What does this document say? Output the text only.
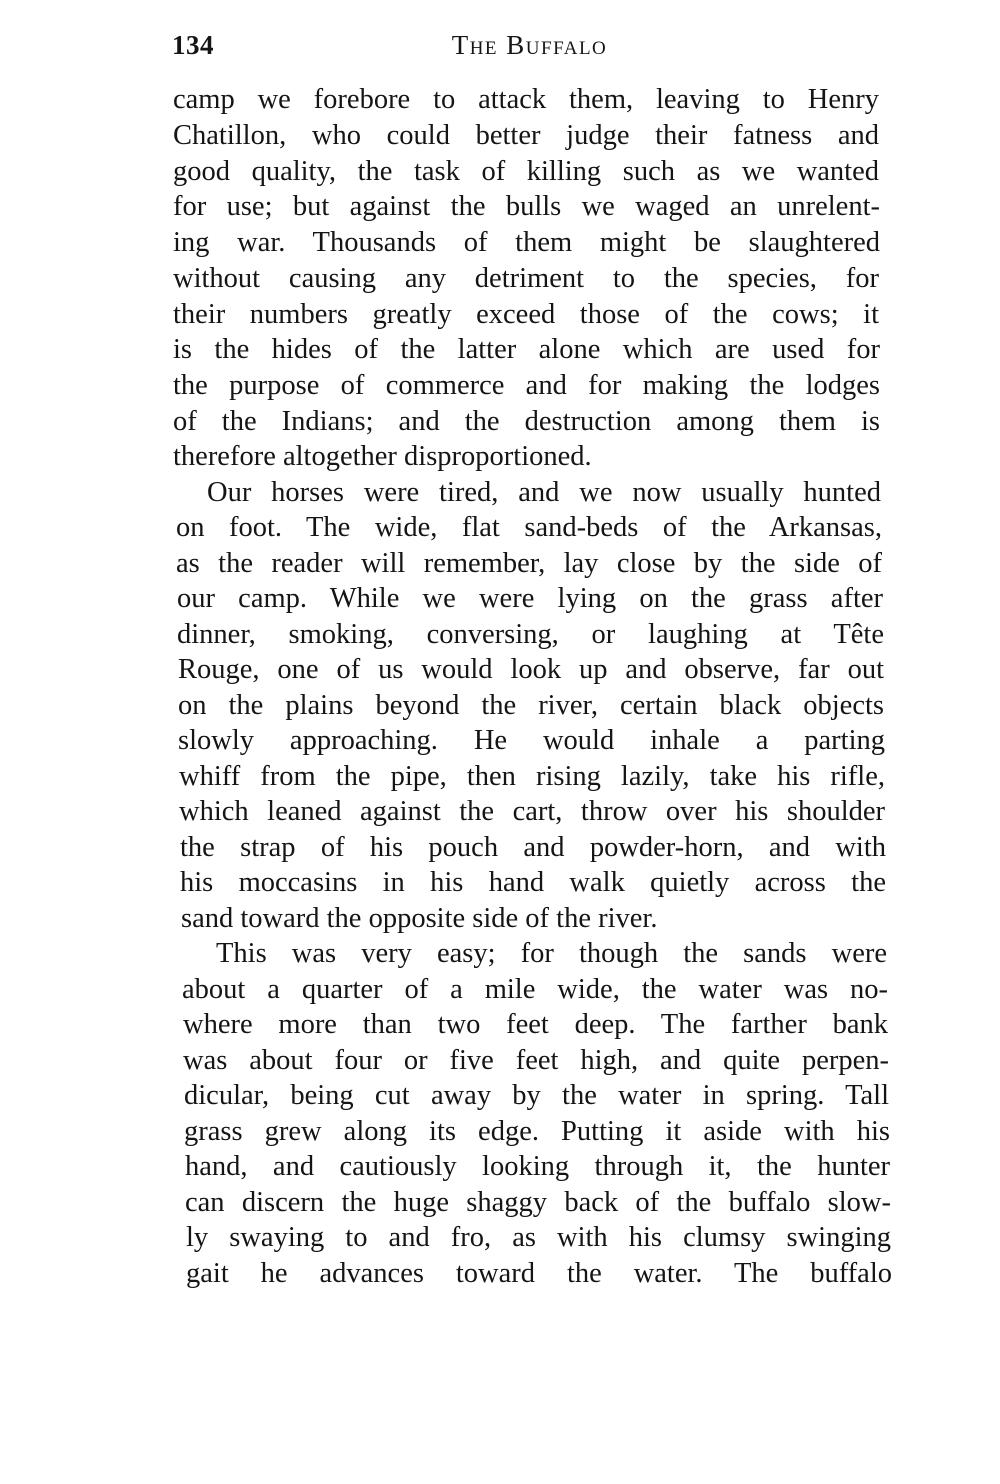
134	The Buffalo
camp we forebore to attack them, leaving to Henry
Chatillon, who could better judge their fatness and
good quality, the task of killing such as we wanted
for use; but against the bulls we waged an unrelent-
ing war. Thousands of them might be slaughtered
without causing any detriment to the species, for
their numbers greatly exceed those of the cows; it
is the hides of the latter alone which are used for
the purpose of commerce and for making the lodges
of the Indians; and the destruction among them is
therefore altogether disproportioned.
Our horses were tired, and we now usually hunted
on foot. The wide, flat sand-beds of the Arkansas,
as the reader will remember, lay close by the side of
our camp. While we were lying on the grass after
dinner, smoking, conversing, or laughing at Tête
Rouge, one of us would look up and observe, far out
on the plains beyond the river, certain black objects
slowly approaching. He would inhale a parting
whiff from the pipe, then rising lazily, take his rifle,
which leaned against the cart, throw over his shoulder
the strap of his pouch and powder-horn, and with
his moccasins in his hand walk quietly across the
sand toward the opposite side of the river.
This was very easy; for though the sands were
about a quarter of a mile wide, the water was no-
where more than two feet deep. The farther bank
was about four or five feet high, and quite perpen-
dicular, being cut away by the water in spring. Tall
grass grew along its edge. Putting it aside with his
hand, and cautiously looking through it, the hunter
can discern the huge shaggy back of the buffalo slow-
ly swaying to and fro, as with his clumsy swinging
gait he advances toward the water. The buffalo
